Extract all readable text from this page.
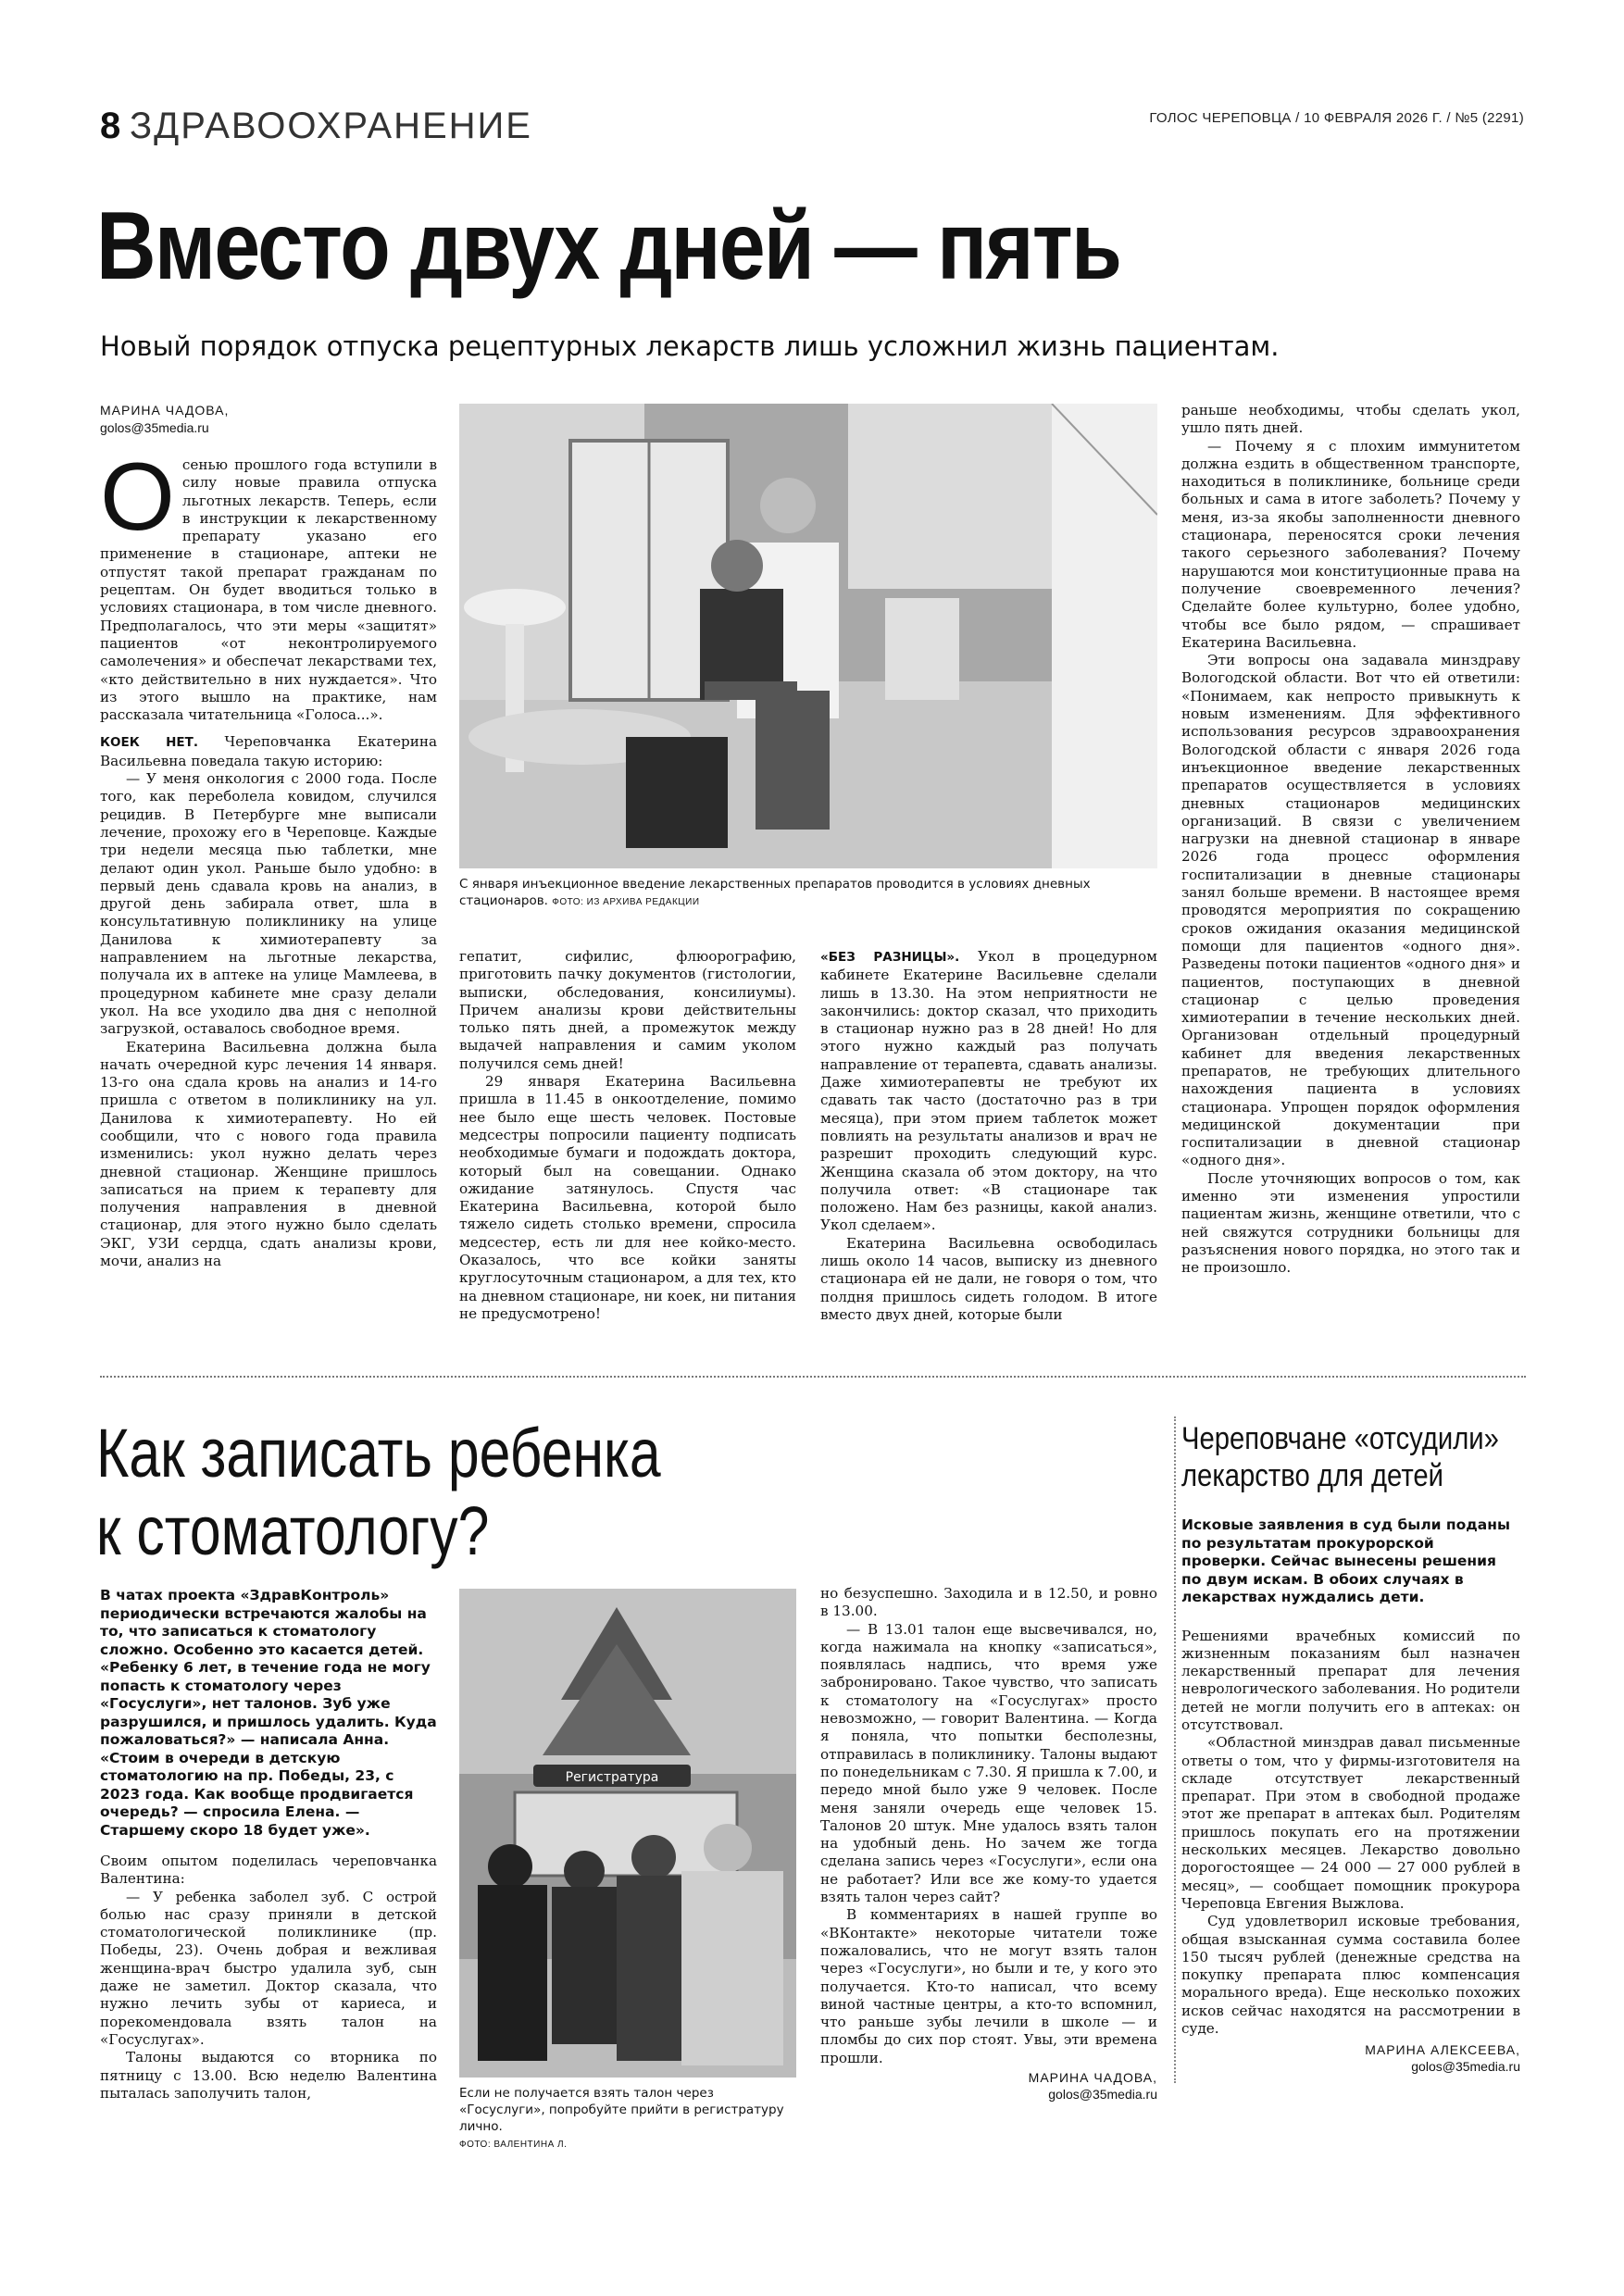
8 ЗДРАВООХРАНЕНИЕ	ГОЛОС ЧЕРЕПОВЦА / 10 ФЕВРАЛЯ 2026 Г. / №5 (2291)
Вместо двух дней — пять
Новый порядок отпуска рецептурных лекарств лишь усложнил жизнь пациентам.
МАРИНА ЧАДОВА,
golos@35media.ru

Осенью прошлого года вступили в силу новые правила отпуска льготных лекарств. Теперь, если в инструкции к лекарственному препарату указано его применение в стационаре, аптеки не отпустят такой препарат гражданам по рецептам. Он будет вводиться только в условиях стационара, в том числе дневного. Предполагалось, что эти меры «защитят» пациентов «от неконтролируемого самолечения» и обеспечат лекарствами тех, «кто действительно в них нуждается». Что из этого вышло на практике, нам рассказала читательница «Голоса...».

КОЕК НЕТ. Череповчанка Екатерина Васильевна поведала такую историю:

— У меня онкология с 2000 года. После того, как переболела ковидом, случился рецидив. В Петербурге мне выписали лечение, прохожу его в Череповце. Каждые три недели месяца пью таблетки, мне делают один укол. Раньше было удобно: в первый день сдавала кровь на анализ, в другой день забирала ответ, шла в консультативную поликлинику на улице Данилова к химиотерапевту за направлением на льготные лекарства, получала их в аптеке на улице Мамлеева, в процедурном кабинете мне сразу делали укол. На все уходило два дня с неполной загрузкой, оставалось свободное время.

Екатерина Васильевна должна была начать очередной курс лечения 14 января. 13-го она сдала кровь на анализ и 14-го пришла с ответом в поликлинику на ул. Данилова к химиотерапевту. Но ей сообщили, что с нового года правила изменились: укол нужно делать через дневной стационар. Женщине пришлось записаться на прием к терапевту для получения направления в дневной стационар, для этого нужно было сделать ЭКГ, УЗИ сердца, сдать анализы крови, мочи, анализ на

С января инъекционное введение лекарственных препаратов проводится в условиях дневных стационаров. ФОТО: ИЗ АРХИВА РЕДАКЦИИ

гепатит, сифилис, флюорографию, приготовить пачку документов (гистологии, выписки, обследования, консилиумы). Причем анализы крови действительны только пять дней, а промежуток между выдачей направления и самим уколом получился семь дней!

29 января Екатерина Васильевна пришла в 11.45 в онкоотделение, помимо нее было еще шесть человек. Постовые медсестры попросили пациенту подписать необходимые бумаги и подождать доктора, который был на совещании. Однако ожидание затянулось. Спустя час Екатерина Васильевна, которой было тяжело сидеть столько времени, спросила медсестер, есть ли для нее койко-место. Оказалось, что все койки заняты круглосуточным стационаром, а для тех, кто на дневном стационаре, ни коек, ни питания не предусмотрено!

«БЕЗ РАЗНИЦЫ». Укол в процедурном кабинете Екатерине Васильевне сделали лишь в 13.30. На этом неприятности не закончились: доктор сказал, что приходить в стационар нужно раз в 28 дней! Но для этого нужно каждый раз получать направление от терапевта, сдавать анализы. Даже химиотерапевты не требуют их сдавать так часто (достаточно раз в три месяца), при этом прием таблеток может повлиять на результаты анализов и врач не разрешит проходить следующий курс. Женщина сказала об этом доктору, на что получила ответ: «В стационаре так положено. Нам без разницы, какой анализ. Укол сделаем».

Екатерина Васильевна освободилась лишь около 14 часов, выписку из дневного стационара ей не дали, не говоря о том, что полдня пришлось сидеть голодом. В итоге вместо двух дней, которые были

раньше необходимы, чтобы сделать укол, ушло пять дней.

— Почему я с плохим иммунитетом должна ездить в общественном транспорте, находиться в поликлинике, больнице среди больных и сама в итоге заболеть? Почему у меня, из-за якобы заполненности дневного стационара, переносятся сроки лечения такого серьезного заболевания? Почему нарушаются мои конституционные права на получение своевременного лечения? Сделайте более культурно, более удобно, чтобы все было рядом, — спрашивает Екатерина Васильевна.

Эти вопросы она задавала минздраву Вологодской области. Вот что ей ответили: «Понимаем, как непросто привыкнуть к новым изменениям. Для эффективного использования ресурсов здравоохранения Вологодской области с января 2026 года инъекционное введение лекарственных препаратов осуществляется в условиях дневных стационаров медицинских организаций. В связи с увеличением нагрузки на дневной стационар в январе 2026 года процесс оформления госпитализации в дневные стационары занял больше времени. В настоящее время проводятся мероприятия по сокращению сроков ожидания оказания медицинской помощи для пациентов «одного дня». Разведены потоки пациентов «одного дня» и пациентов, поступающих в дневной стационар с целью проведения химиотерапии в течение нескольких дней. Организован отдельный процедурный кабинет для введения лекарственных препаратов, не требующих длительного нахождения пациента в условиях стационара. Упрощен порядок оформления медицинской документации при госпитализации в дневной стационар «одного дня».

После уточняющих вопросов о том, как именно эти изменения упростили пациентам жизнь, женщине ответили, что с ней свяжутся сотрудники больницы для разъяснения нового порядка, но этого так и не произошло.

Как записать ребенка
к стоматологу?
В чатах проекта «ЗдравКонтроль» периодически встречаются жалобы на то, что записаться к стоматологу сложно. Особенно это касается детей. «Ребенку 6 лет, в течение года не могу попасть к стоматологу через «Госуслуги», нет талонов. Зуб уже разрушился, и пришлось удалить. Куда пожаловаться?» — написала Анна. «Стоим в очереди в детскую стоматологию на пр. Победы, 23, с 2023 года. Как вообще продвигается очередь? — спросила Елена. — Старшему скоро 18 будет уже».

Своим опытом поделилась череповчанка Валентина:

— У ребенка заболел зуб. С острой болью нас сразу приняли в детской стоматологической поликлинике (пр. Победы, 23). Очень добрая и вежливая женщина-врач быстро удалила зуб, сын даже не заметил. Доктор сказала, что нужно лечить зубы от кариеса, и порекомендовала взять талон на «Госуслугах».

Талоны выдаются со вторника по пятницу с 13.00. Всю неделю Валентина пыталась заполучить талон,

Регистратура
Если не получается взять талон через «Госуслуги», попробуйте прийти в регистратуру лично.
ФОТО: ВАЛЕНТИНА Л.

но безуспешно. Заходила и в 12.50, и ровно в 13.00.

— В 13.01 талон еще высвечивался, но, когда нажимала на кнопку «записаться», появлялась надпись, что время уже забронировано. Такое чувство, что записать к стоматологу на «Госуслугах» просто невозможно, — говорит Валентина. — Когда я поняла, что попытки бесполезны, отправилась в поликлинику. Талоны выдают по понедельникам с 7.30. Я пришла к 7.00, и передо мной было уже 9 человек. После меня заняли очередь еще человек 15. Талонов 20 штук. Мне удалось взять талон на удобный день. Но зачем же тогда сделана запись через «Госуслуги», если она не работает? Или все же кому-то удается взять талон через сайт?

В комментариях в нашей группе во «ВКонтакте» некоторые читатели тоже пожаловались, что не могут взять талон через «Госуслуги», но были и те, у кого это получается. Кто-то написал, что всему виной частные центры, а кто-то вспомнил, что раньше зубы лечили в школе — и пломбы до сих пор стоят. Увы, эти времена прошли.

МАРИНА ЧАДОВА,
golos@35media.ru
Череповчане «отсудили»
лекарство для детей
Исковые заявления в суд были поданы по результатам прокурорской проверки. Сейчас вынесены решения по двум искам. В обоих случаях в лекарствах нуждались дети.

Решениями врачебных комиссий по жизненным показаниям был назначен лекарственный препарат для лечения неврологического заболевания. Но родители детей не могли получить его в аптеках: он отсутствовал.

«Областной минздрав давал письменные ответы о том, что у фирмы-изготовителя на складе отсутствует лекарственный препарат. При этом в свободной продаже этот же препарат в аптеках был. Родителям пришлось покупать его на протяжении нескольких месяцев. Лекарство довольно дорогостоящее — 24 000 — 27 000 рублей в месяц», — сообщает помощник прокурора Череповца Евгения Выжлова.

Суд удовлетворил исковые требования, общая взысканная сумма составила более 150 тысяч рублей (денежные средства на покупку препарата плюс компенсация морального вреда). Еще несколько похожих исков сейчас находятся на рассмотрении в суде.

МАРИНА АЛЕКСЕЕВА,
golos@35media.ru
